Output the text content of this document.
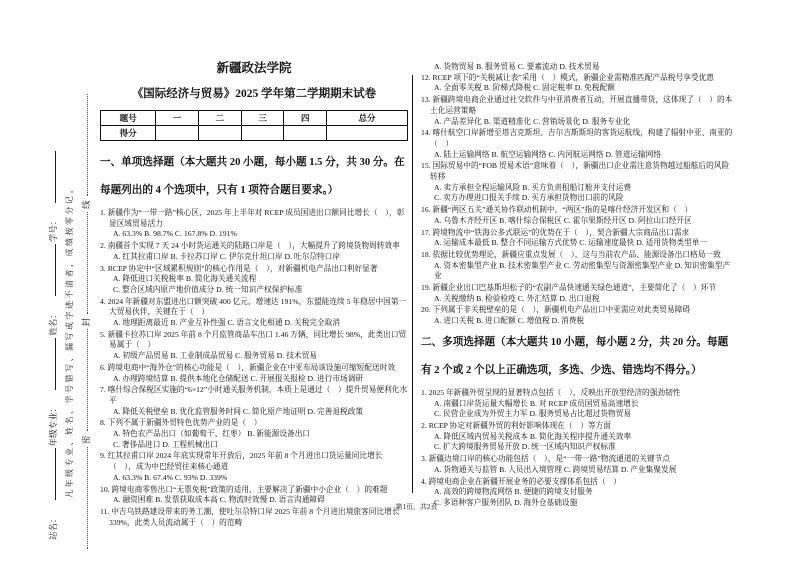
站名： 年级专业： 姓名： 学号： 凡年级专业、姓名、学号错写、漏写或字迹不清者，成绩按零分记。 密封线
新疆政法学院
《国际经济与贸易》2025 学年第二学期期末试卷
题号	一	二	三	四	总分
得分					
一、单项选择题（本大题共 20 小题，每小题 1.5 分，共 30 分。在每题列出的 4 个选项中，只有 1 项符合题目要求。）
1. 新疆作为“一带一路”核心区，2025 年上半年对 RCEP 成员国进出口额同比增长（　），彰显区域贸易活力
A. 63.3% B. 98.7% C. 167.8% D. 191%
2. 南疆首个实现 7 天 24 小时货运通关的陆路口岸是（　），大幅提升了跨境货物周转效率
A. 红其拉甫口岸 B. 卡拉苏口岸 C. 伊尔克什坦口岸 D. 吐尔尕特口岸
3. RCEP 协定中“区域累积规则”的核心作用是（　），对新疆机电产品出口利好显著
A. 降低进口关税税率 B. 简化海关通关流程
C. 整合区域内原产地价值成分 D. 统一知识产权保护标准
4. 2024 年新疆对东盟进出口额突破 400 亿元，增速达 191%，东盟能连续 5 年稳居中国第一大贸易伙伴，关键在于（　）
A. 地理距离最近 B. 产业互补性强 C. 语言文化相通 D. 关税完全取消
5. 新疆卡拉苏口岸 2025 年前 8 个月监管商品车出口 1.46 万辆，同比增长 98%，此类出口贸易属于（　）
A. 初级产品贸易 B. 工业制成品贸易 C. 服务贸易 D. 技术贸易
6. 跨境电商中“海外仓”的核心功能是（　），新疆企业在中亚布局该设施可缩短配送时效
A. 办理跨境结算 B. 提供本地化仓储配送 C. 开展报关报检 D. 进行市场调研
7. 喀什综合保税区实施的“6×12”小时通关服务机制，本质上是通过（　）提升贸易便利化水平
A. 降低关税壁垒 B. 优化监管服务时间 C. 简化原产地证明 D. 完善退税政策
8. 下列不属于新疆外贸特色优势产业的是（　）
A. 特色农产品出口（如葡萄干、红枣） B. 新能源设备出口
C. 奢侈品进口 D. 工程机械出口
9. 红其拉甫口岸 2024 年底实现常年开放后，2025 年前 8 个月进出口货运量同比增长（　），成为中巴经贸往来核心通道
A. 63.3% B. 67.4% C. 93% D. 339%
10. 跨境电商零售出口“无票免税”政策的适用，主要解决了新疆中小企业（　）的难题
A. 融资困难 B. 发票获取成本高 C. 物流时效慢 D. 语言沟通障碍
11. 中吉乌铁路建设带来的务工潮，使吐尔尕特口岸 2025 年前 8 个月进出境旅客同比增长 339%，此类人员流动属于（　）的范畴
A. 货物贸易 B. 服务贸易 C. 要素流动 D. 技术贸易
12. RCEP 项下的“关税减让表”采用（　）模式，新疆企业需精准匹配产品税号享受优惠
A. 全面零关税 B. 阶梯式降税 C. 固定税率 D. 免税配额
13. 新疆跨境电商企业通过社交软件与中亚消费者互动，开展直播带货，这体现了（　）的本土化运营策略
A. 产品差异化 B. 渠道精准化 C. 营销场景化 D. 服务专业化
14. 喀什航空口岸新增至塔吉克斯坦、吉尔吉斯斯坦的客货运航线，构建了辐射中亚、南亚的（　）
A. 陆上运输网络 B. 航空运输网络 C. 内河航运网络 D. 管道运输网络
15. 国际贸易中的“FOB 贸易术语”意味着（　），新疆出口企业需注意货物越过船舷后的风险转移
A. 卖方承担全程运输风险 B. 买方负责租船订舱并支付运费
C. 卖方办理进口报关手续 D. 买方承担货物出口前的风险
16. 新疆“两区五关”通关协作联动机制中，“两区”指的是喀什经济开发区和（　）
A. 乌鲁木齐经开区 B. 喀什综合保税区 C. 霍尔果斯经开区 D. 阿拉山口经开区
17. 跨境物流中“铁海公多式联运”的优势在于（　），契合新疆大宗商品出口需求
A. 运输成本最低 B. 整合不同运输方式优势 C. 运输速度最快 D. 适用货物类型单一
18. 依据比较优势理论，新疆应重点发展（　），这与当前农产品、能源设备出口格局一致
A. 资本密集型产业 B. 技术密集型产业 C. 劳动密集型与资源密集型产业 D. 知识密集型产业
19. 新疆企业出口巴基斯坦松子的“农副产品快速通关绿色通道”，主要简化了（　）环节
A. 关税缴纳 B. 检验检疫 C. 外汇结算 D. 出口退税
20. 下列属于非关税壁垒的是（　），新疆机电产品出口中亚需应对此类贸易障碍
A. 进口关税 B. 进口配额 C. 增值税 D. 消费税
二、多项选择题（本大题共 10 小题，每小题 2 分，共 20 分。每题有 2 个或 2 个以上正确选项，多选、少选、错选均不得分。）
1. 2025 年新疆外贸呈现的显著特点包括（　），反映出开放型经济的强劲韧性
A. 南疆口岸货运量大幅增长 B. 对 RCEP 成员国贸易高速增长
C. 民营企业成为外贸主力军 D. 服务贸易占比超过货物贸易
2. RCEP 协定对新疆外贸的利好影响体现在（　）等方面
A. 降低区域内贸易关税成本 B. 简化海关程序提升通关效率
C. 扩大跨境服务贸易开放 D. 统一区域内知识产权标准
3. 新疆边境口岸的核心功能包括（　），是“一带一路”物流通道的关键节点
A. 货物通关与监管 B. 人员出入境管理 C. 跨境贸易结算 D. 产业集聚发展
4. 跨境电商企业在新疆开展业务的必要支撑体系包括（　）
A. 高效的跨境物流网络 B. 便捷的跨境支付服务
C. 多语种客户服务团队 D. 海外仓基础设施
第1页，共2页
